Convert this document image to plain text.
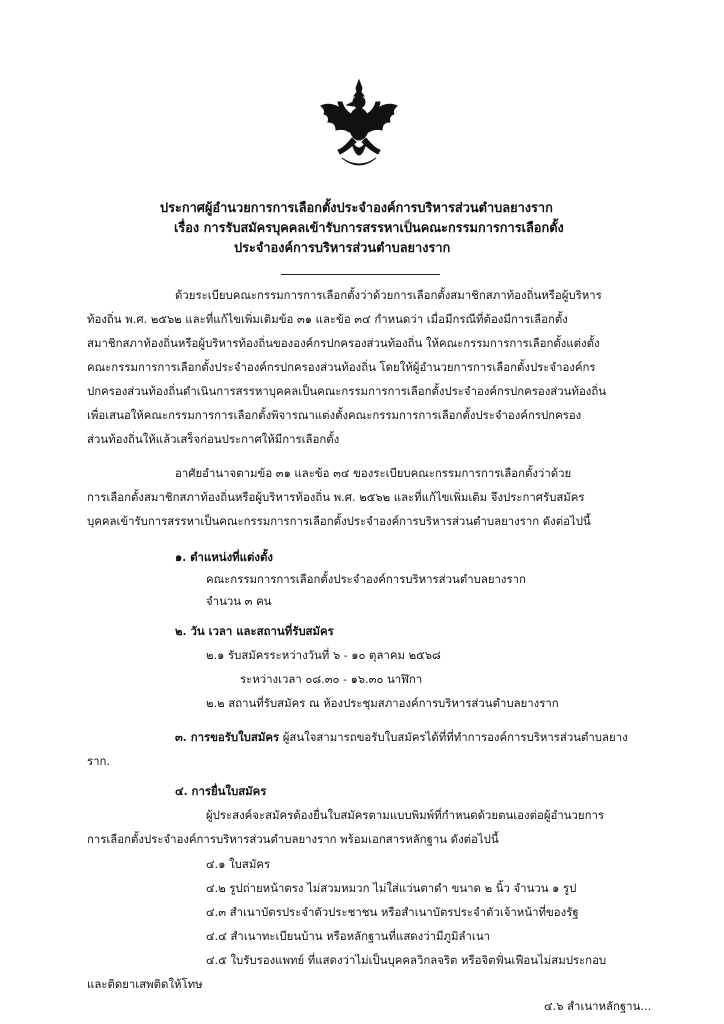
ประกาศผู้อำนวยการการเลือกตั้งประจำองค์การบริหารส่วนตำบลยางราก
เรื่อง การรับสมัครบุคคลเข้ารับการสรรหาเป็นคณะกรรมการการเลือกตั้ง
ประจำองค์การบริหารส่วนตำบลยางราก
ด้วยระเบียบคณะกรรมการการเลือกตั้งว่าด้วยการเลือกตั้งสมาชิกสภาท้องถิ่นหรือผู้บริหาร
ท้องถิ่น พ.ศ. ๒๕๖๒ และที่แก้ไขเพิ่มเติมข้อ ๓๑ และข้อ ๓๔ กำหนดว่า เมื่อมีกรณีที่ต้องมีการเลือกตั้ง
สมาชิกสภาท้องถิ่นหรือผู้บริหารท้องถิ่นขององค์กรปกครองส่วนท้องถิ่น ให้คณะกรรมการการเลือกตั้งแต่งตั้ง
คณะกรรมการการเลือกตั้งประจำองค์กรปกครองส่วนท้องถิ่น โดยให้ผู้อำนวยการการเลือกตั้งประจำองค์กร
ปกครองส่วนท้องถิ่นดำเนินการสรรหาบุคคลเป็นคณะกรรมการการเลือกตั้งประจำองค์กรปกครองส่วนท้องถิ่น
เพื่อเสนอให้คณะกรรมการการเลือกตั้งพิจารณาแต่งตั้งคณะกรรมการการเลือกตั้งประจำองค์กรปกครอง
ส่วนท้องถิ่นให้แล้วเสร็จก่อนประกาศให้มีการเลือกตั้ง
อาศัยอำนาจตามข้อ ๓๑ และข้อ ๓๔ ของระเบียบคณะกรรมการการเลือกตั้งว่าด้วย
การเลือกตั้งสมาชิกสภาท้องถิ่นหรือผู้บริหารท้องถิ่น พ.ศ. ๒๕๖๒ และที่แก้ไขเพิ่มเติม จึงประกาศรับสมัคร
บุคคลเข้ารับการสรรหาเป็นคณะกรรมการการเลือกตั้งประจำองค์การบริหารส่วนตำบลยางราก ดังต่อไปนี้
๑. ตำแหน่งที่แต่งตั้ง
คณะกรรมการการเลือกตั้งประจำองค์การบริหารส่วนตำบลยางราก
จำนวน ๓ คน
๒. วัน เวลา และสถานที่รับสมัคร
๒.๑ รับสมัครระหว่างวันที่ ๖ - ๑๐ ตุลาคม ๒๕๖๘
ระหว่างเวลา ๐๘.๓๐ - ๑๖.๓๐ นาฬิกา
๒.๒ สถานที่รับสมัคร ณ ห้องประชุมสภาองค์การบริหารส่วนตำบลยางราก
๓. การขอรับใบสมัคร ผู้สนใจสามารถขอรับใบสมัครได้ที่ที่ทำการองค์การบริหารส่วนตำบลยาง
ราก.
๔. การยื่นใบสมัคร
ผู้ประสงค์จะสมัครต้องยื่นใบสมัครตามแบบพิมพ์ที่กำหนดด้วยตนเองต่อผู้อำนวยการ
การเลือกตั้งประจำองค์การบริหารส่วนตำบลยางราก พร้อมเอกสารหลักฐาน ดังต่อไปนี้
๔.๑ ใบสมัคร
๔.๒ รูปถ่ายหน้าตรง ไม่สวมหมวก ไม่ใส่แว่นตาดำ ขนาด ๒ นิ้ว จำนวน ๑ รูป
๔.๓ สำเนาบัตรประจำตัวประชาชน หรือสำเนาบัตรประจำตัวเจ้าหน้าที่ของรัฐ
๔.๔ สำเนาทะเบียนบ้าน หรือหลักฐานที่แสดงว่ามีภูมิลำเนา
๔.๕ ใบรับรองแพทย์ ที่แสดงว่าไม่เป็นบุคคลวิกลจริต หรือจิตฟั่นเฟือนไม่สมประกอบ
และติดยาเสพติดให้โทษ
๔.๖ สำเนาหลักฐาน...
